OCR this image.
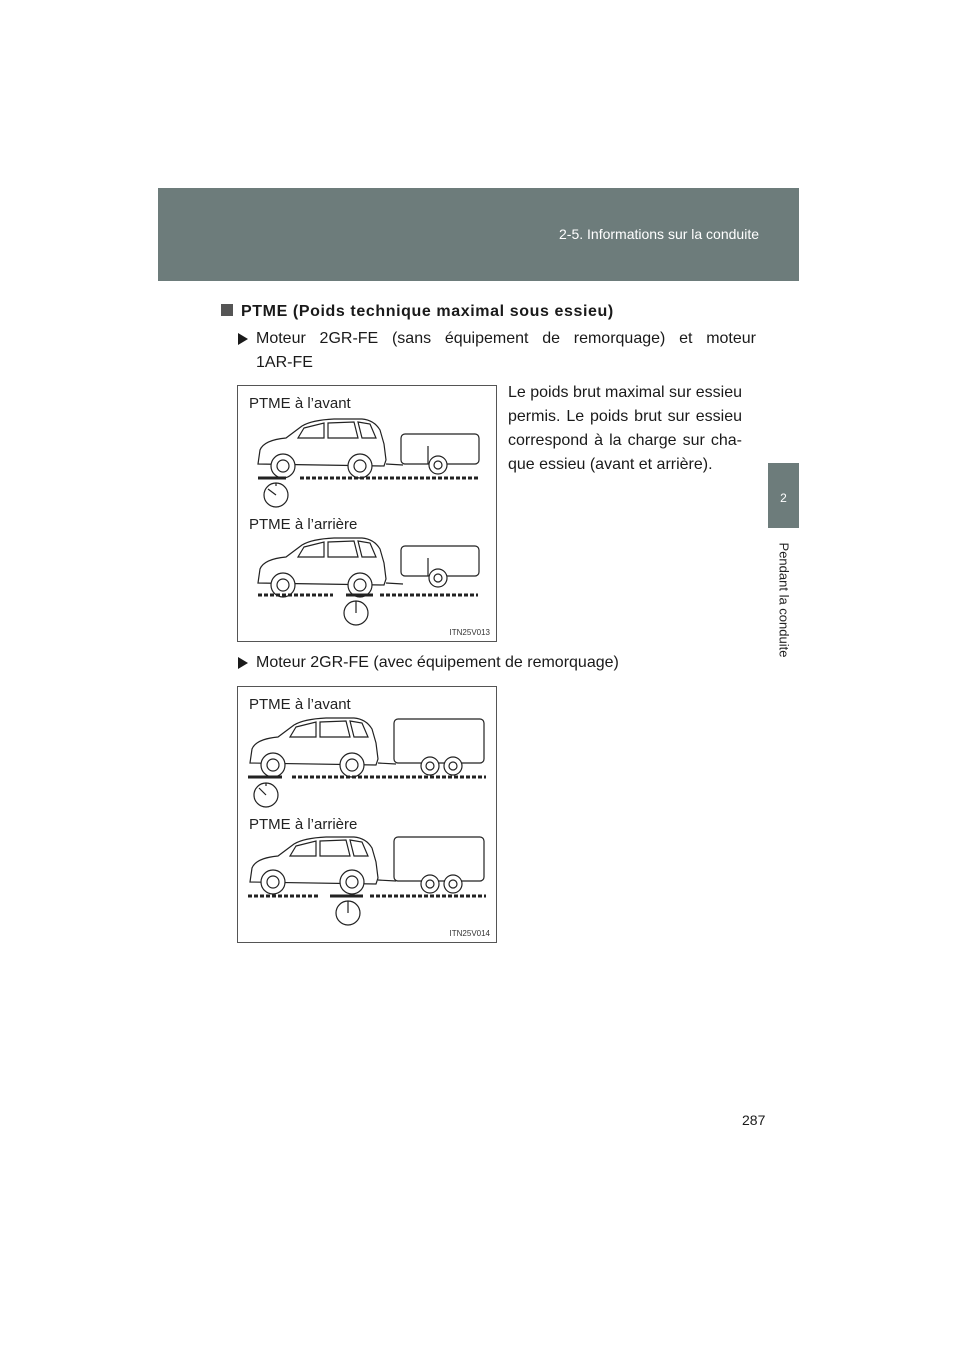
2-5. Informations sur la conduite
2
Pendant la conduite
PTME (Poids technique maximal sous essieu)
Moteur 2GR-FE (sans équipement de remorquage) et moteur
1AR-FE
Le poids brut maximal sur essieu permis. Le poids brut sur essieu correspond à la charge sur cha-que essieu (avant et arrière).
PTME à l’avant
PTME à l’arrière
ITN25V013
Moteur 2GR-FE (avec équipement de remorquage)
PTME à l’avant
PTME à l’arrière
ITN25V014
287
